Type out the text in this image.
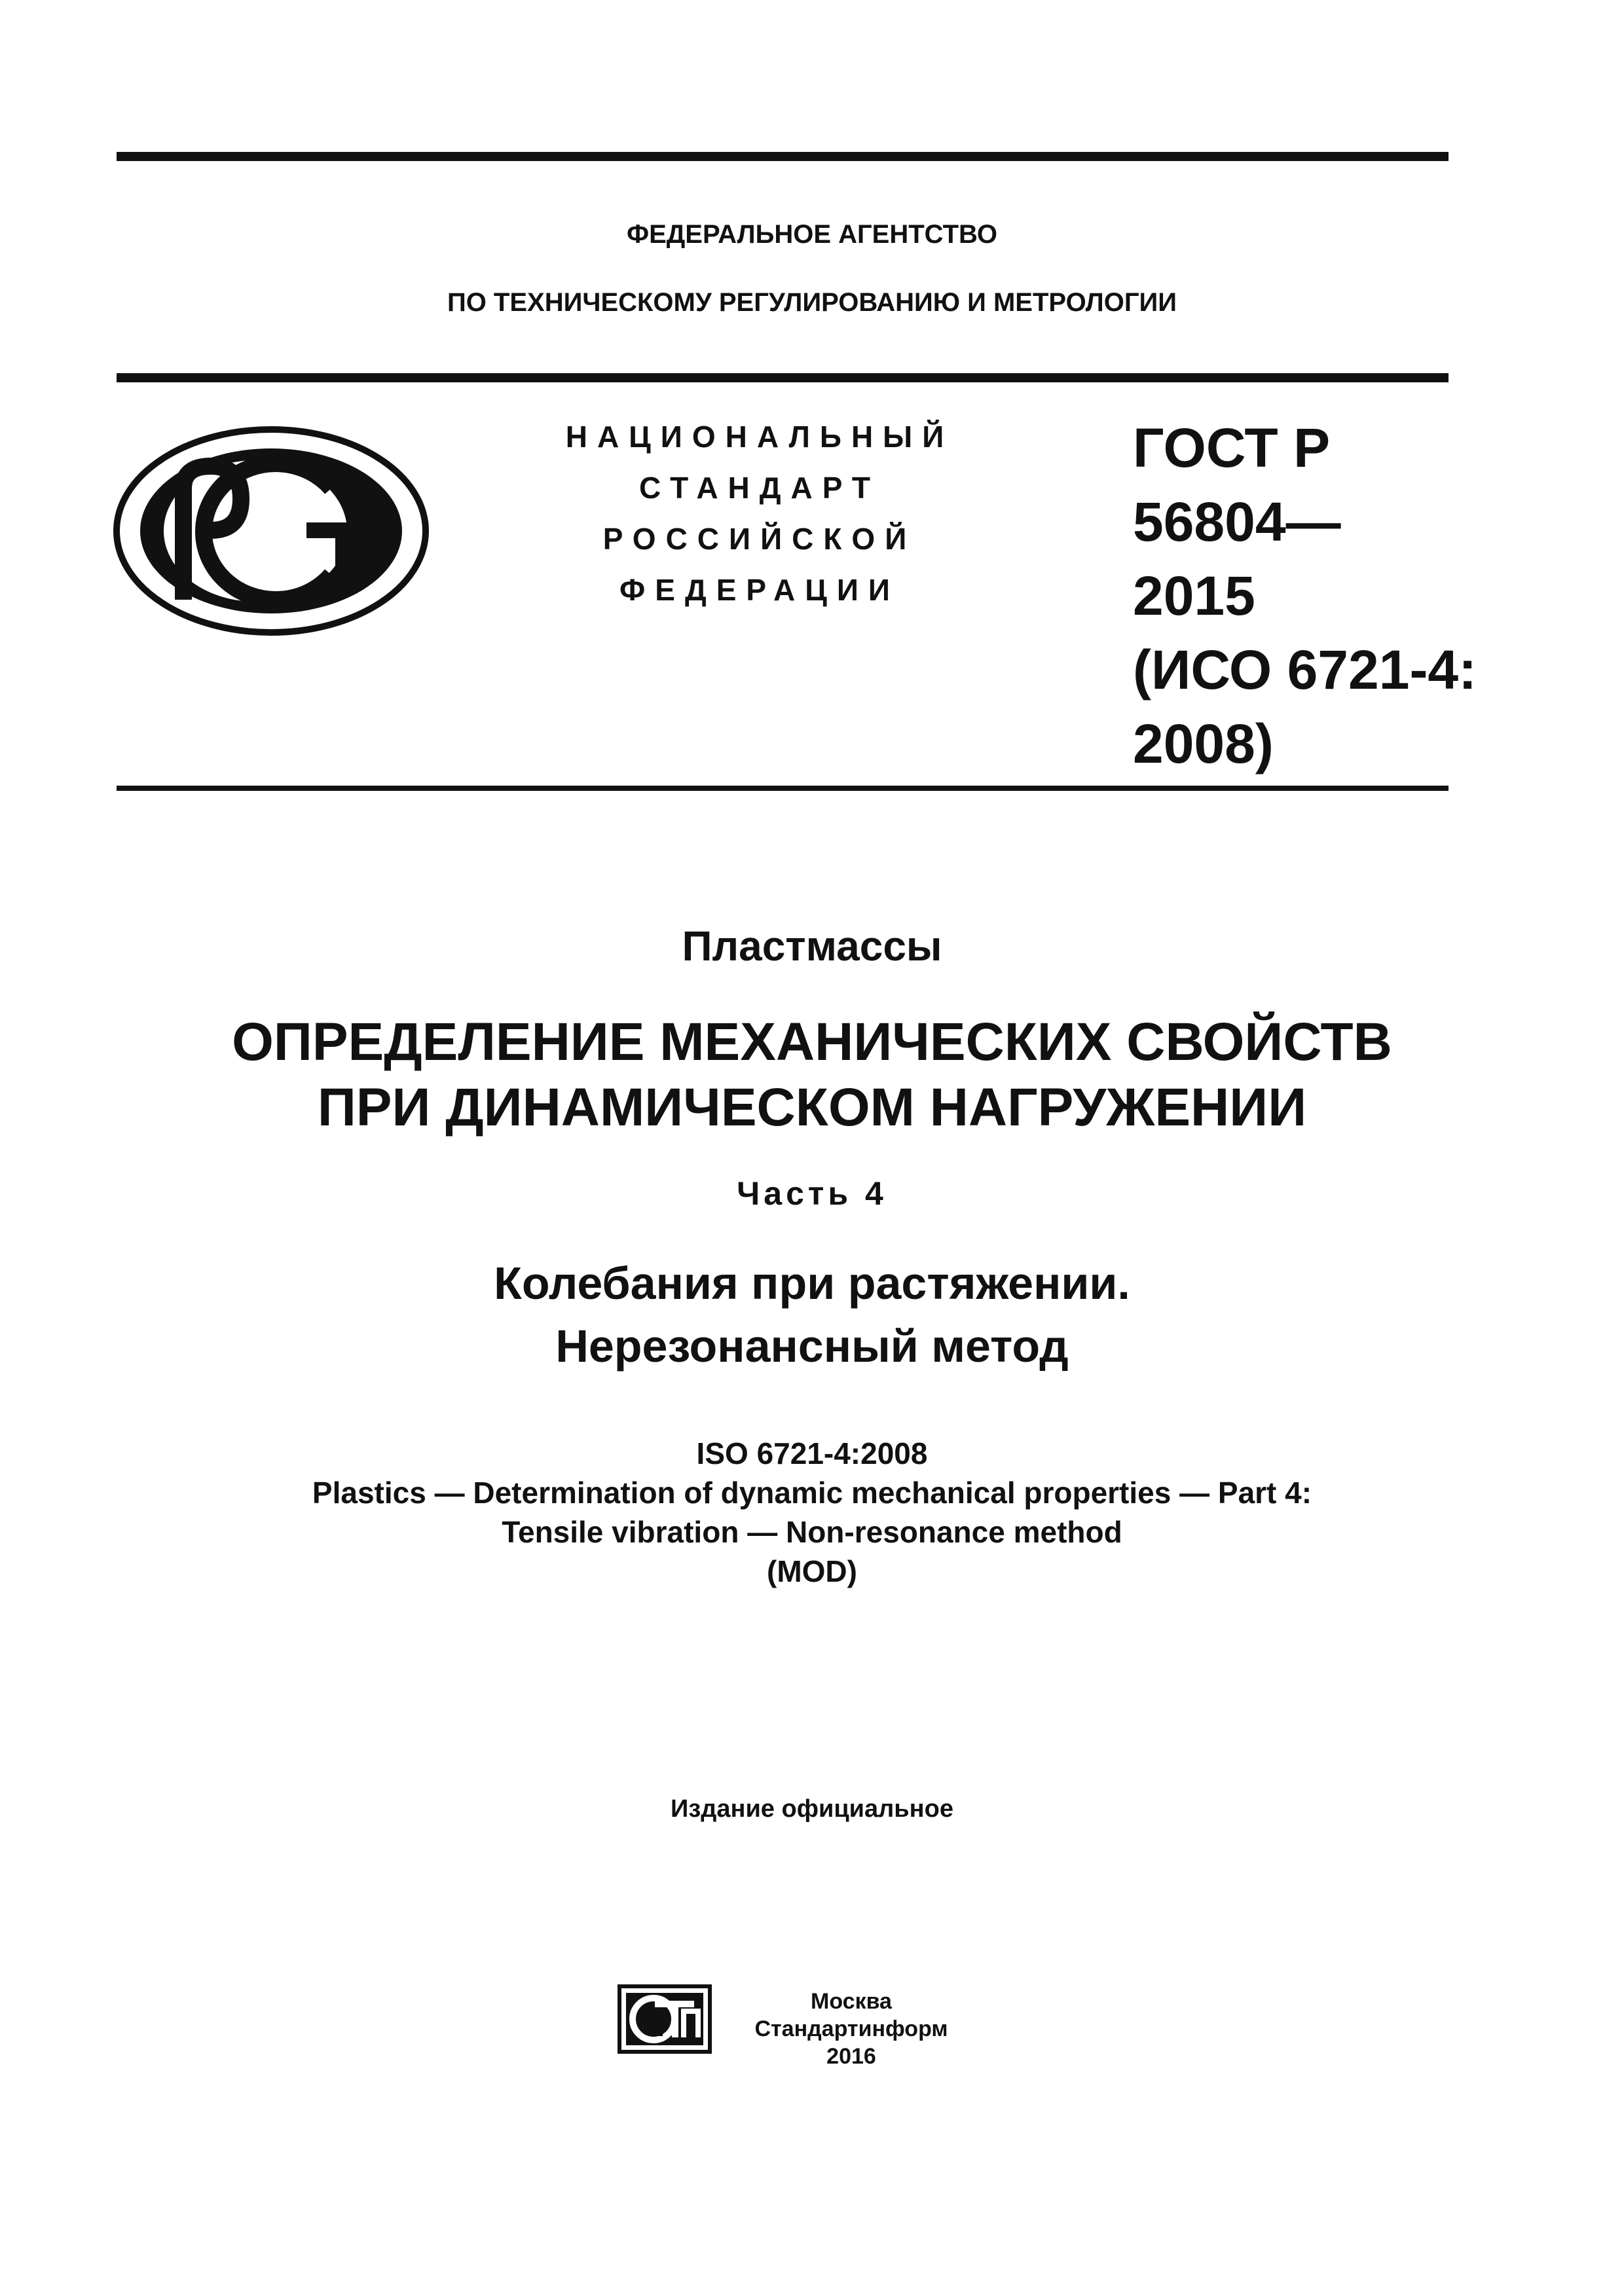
ФЕДЕРАЛЬНОЕ АГЕНТСТВО
ПО ТЕХНИЧЕСКОМУ РЕГУЛИРОВАНИЮ И МЕТРОЛОГИИ
НАЦИОНАЛЬНЫЙ
СТАНДАРТ
РОССИЙСКОЙ
ФЕДЕРАЦИИ
ГОСТ Р
56804—
2015
(ИСО 6721-4:
2008)
Пластмассы
ОПРЕДЕЛЕНИЕ МЕХАНИЧЕСКИХ СВОЙСТВ
ПРИ ДИНАМИЧЕСКОМ НАГРУЖЕНИИ
Часть 4
Колебания при растяжении.
Нерезонансный метод
ISO 6721-4:2008
Plastics — Determination of dynamic mechanical properties — Part 4:
Tensile vibration — Non-resonance method
(MOD)
Издание официальное
Москва
Стандартинформ
2016
